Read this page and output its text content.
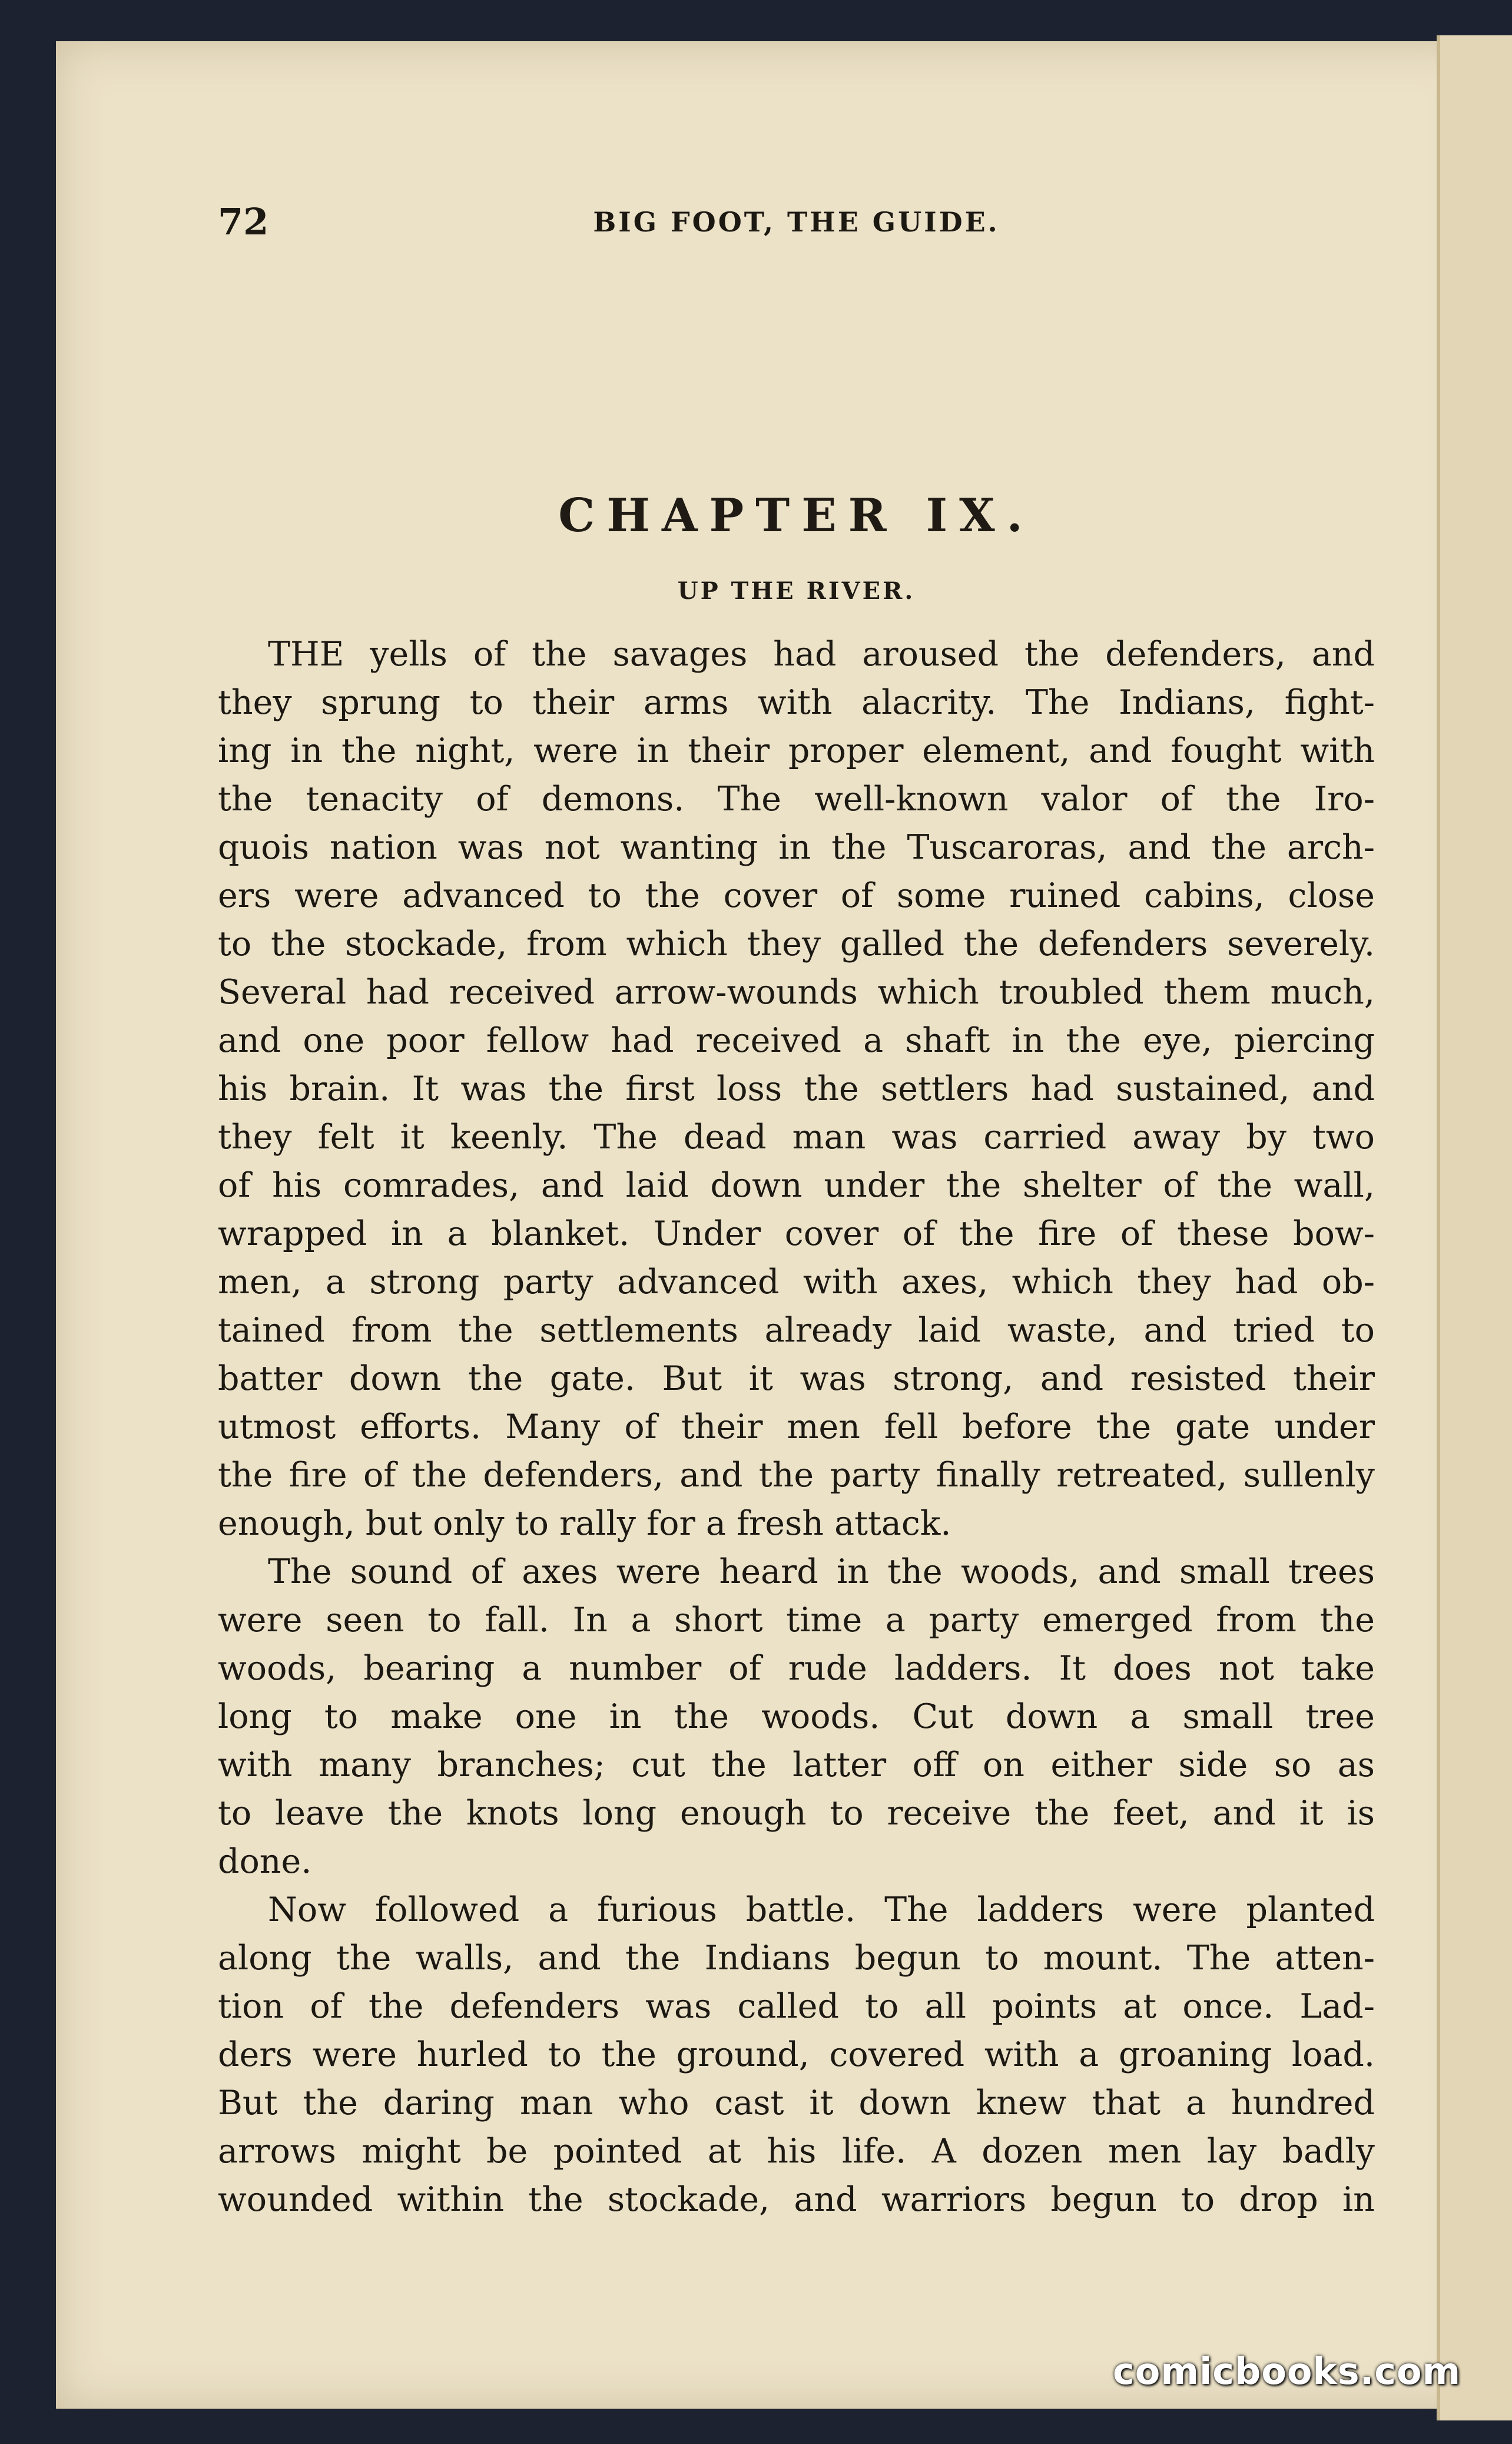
72	BIG FOOT, THE GUIDE.
CHAPTER IX.
UP THE RIVER.
THE yells of the savages had aroused the defenders, and
they sprung to their arms with alacrity. The Indians, fight-
ing in the night, were in their proper element, and fought with
the tenacity of demons. The well-known valor of the Iro-
quois nation was not wanting in the Tuscaroras, and the arch-
ers were advanced to the cover of some ruined cabins, close
to the stockade, from which they galled the defenders severely.
Several had received arrow-wounds which troubled them much,
and one poor fellow had received a shaft in the eye, piercing
his brain. It was the first loss the settlers had sustained, and
they felt it keenly. The dead man was carried away by two
of his comrades, and laid down under the shelter of the wall,
wrapped in a blanket. Under cover of the fire of these bow-
men, a strong party advanced with axes, which they had ob-
tained from the settlements already laid waste, and tried to
batter down the gate. But it was strong, and resisted their
utmost efforts. Many of their men fell before the gate under
the fire of the defenders, and the party finally retreated, sullenly
enough, but only to rally for a fresh attack.
The sound of axes were heard in the woods, and small trees
were seen to fall. In a short time a party emerged from the
woods, bearing a number of rude ladders. It does not take
long to make one in the woods. Cut down a small tree
with many branches; cut the latter off on either side so as
to leave the knots long enough to receive the feet, and it is
done.
Now followed a furious battle. The ladders were planted
along the walls, and the Indians begun to mount. The atten-
tion of the defenders was called to all points at once. Lad-
ders were hurled to the ground, covered with a groaning load.
But the daring man who cast it down knew that a hundred
arrows might be pointed at his life. A dozen men lay badly
wounded within the stockade, and warriors begun to drop in
comicbooks.com
